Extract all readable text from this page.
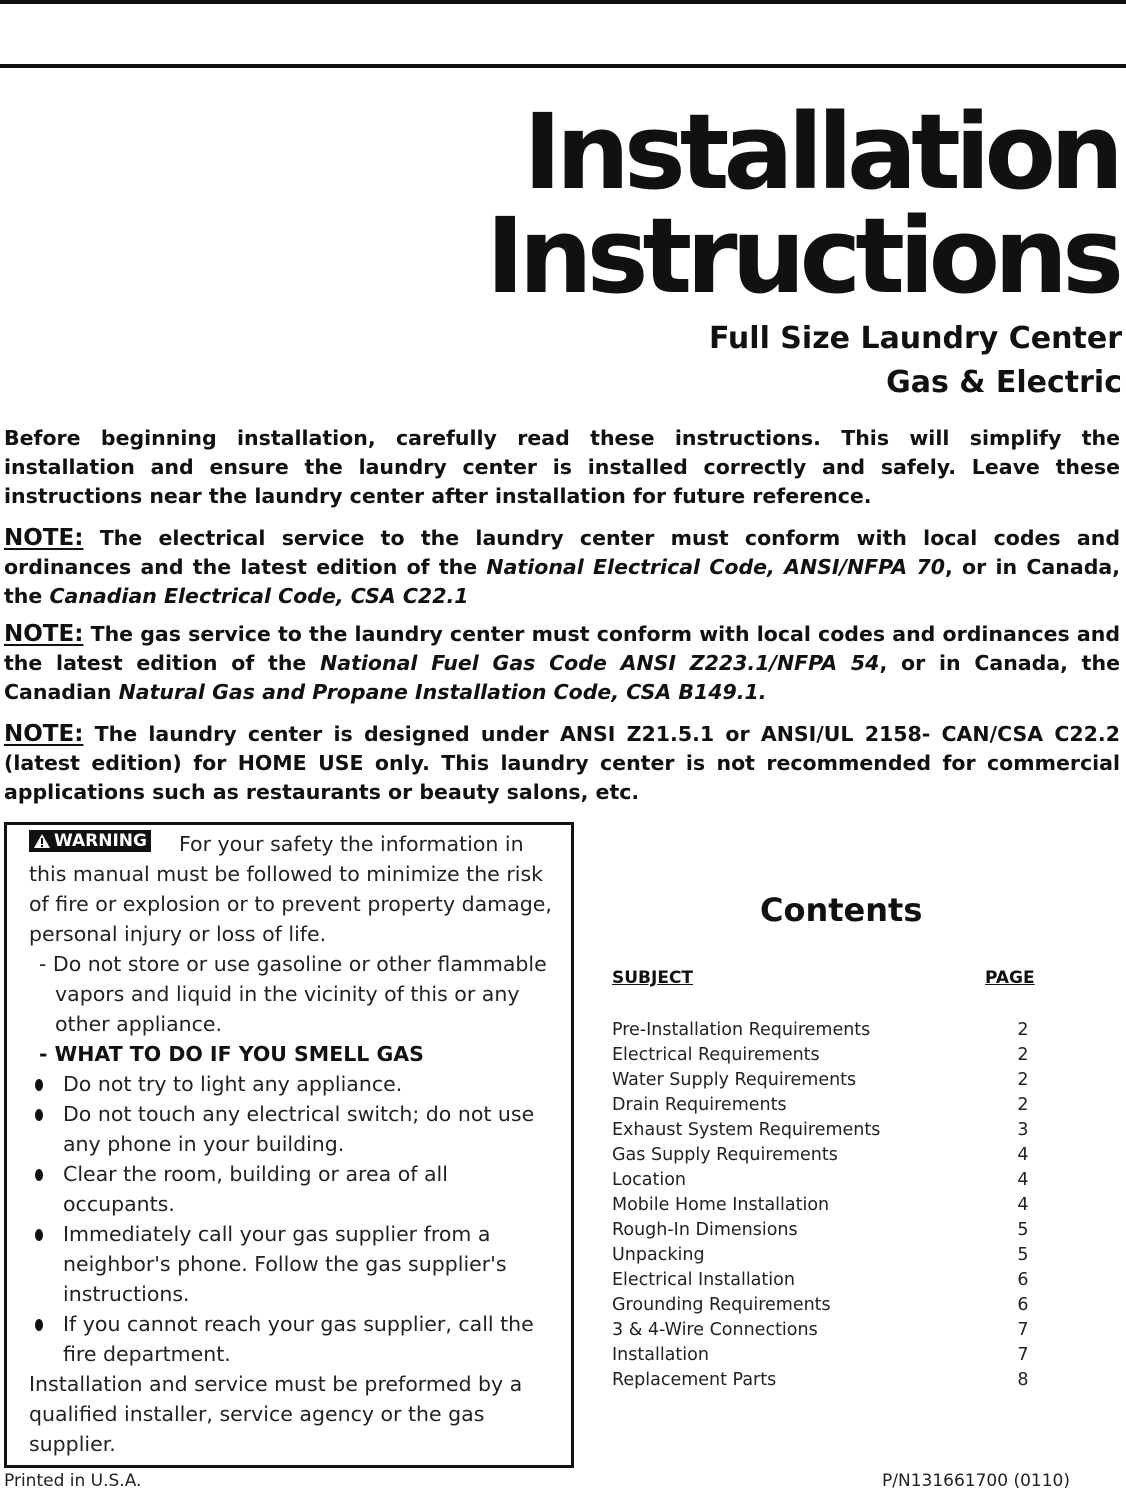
Installation
Instructions
Full Size Laundry Center
Gas & Electric
Before beginning installation, carefully read these instructions. This will simplify the installation and ensure the laundry center is installed correctly and safely. Leave these instructions near the laundry center after installation for future reference.
NOTE: The electrical service to the laundry center must conform with local codes and ordinances and the latest edition of the National Electrical Code, ANSI/NFPA 70, or in Canada, the Canadian Electrical Code, CSA C22.1
NOTE: The gas service to the laundry center must conform with local codes and ordinances and the latest edition of the National Fuel Gas Code ANSI Z223.1/NFPA 54, or in Canada, the Canadian Natural Gas and Propane Installation Code, CSA B149.1.
NOTE: The laundry center is designed under ANSI Z21.5.1 or ANSI/UL 2158- CAN/CSA C22.2 (latest edition) for HOME USE only. This laundry center is not recommended for commercial applications such as restaurants or beauty salons, etc.
WARNING For your safety the information in
this manual must be followed to minimize the risk
of fire or explosion or to prevent property damage,
personal injury or loss of life.
- Do not store or use gasoline or other flammable
vapors and liquid in the vicinity of this or any
other appliance.
- WHAT TO DO IF YOU SMELL GAS
Do not try to light any appliance.
Do not touch any electrical switch; do not use
any phone in your building.
Clear the room, building or area of all
occupants.
Immediately call your gas supplier from a
neighbor's phone. Follow the gas supplier's
instructions.
If you cannot reach your gas supplier, call the
fire department.
Installation and service must be preformed by a
qualified installer, service agency or the gas
supplier.
Contents
SUBJECT	PAGE
Pre-Installation Requirements	2
Electrical Requirements	2
Water Supply Requirements	2
Drain Requirements	2
Exhaust System Requirements	3
Gas Supply Requirements	4
Location	4
Mobile Home Installation	4
Rough-In Dimensions	5
Unpacking	5
Electrical Installation	6
Grounding Requirements	6
3 & 4-Wire Connections	7
Installation	7
Replacement Parts	8
Printed in U.S.A.	P/N131661700 (0110)
